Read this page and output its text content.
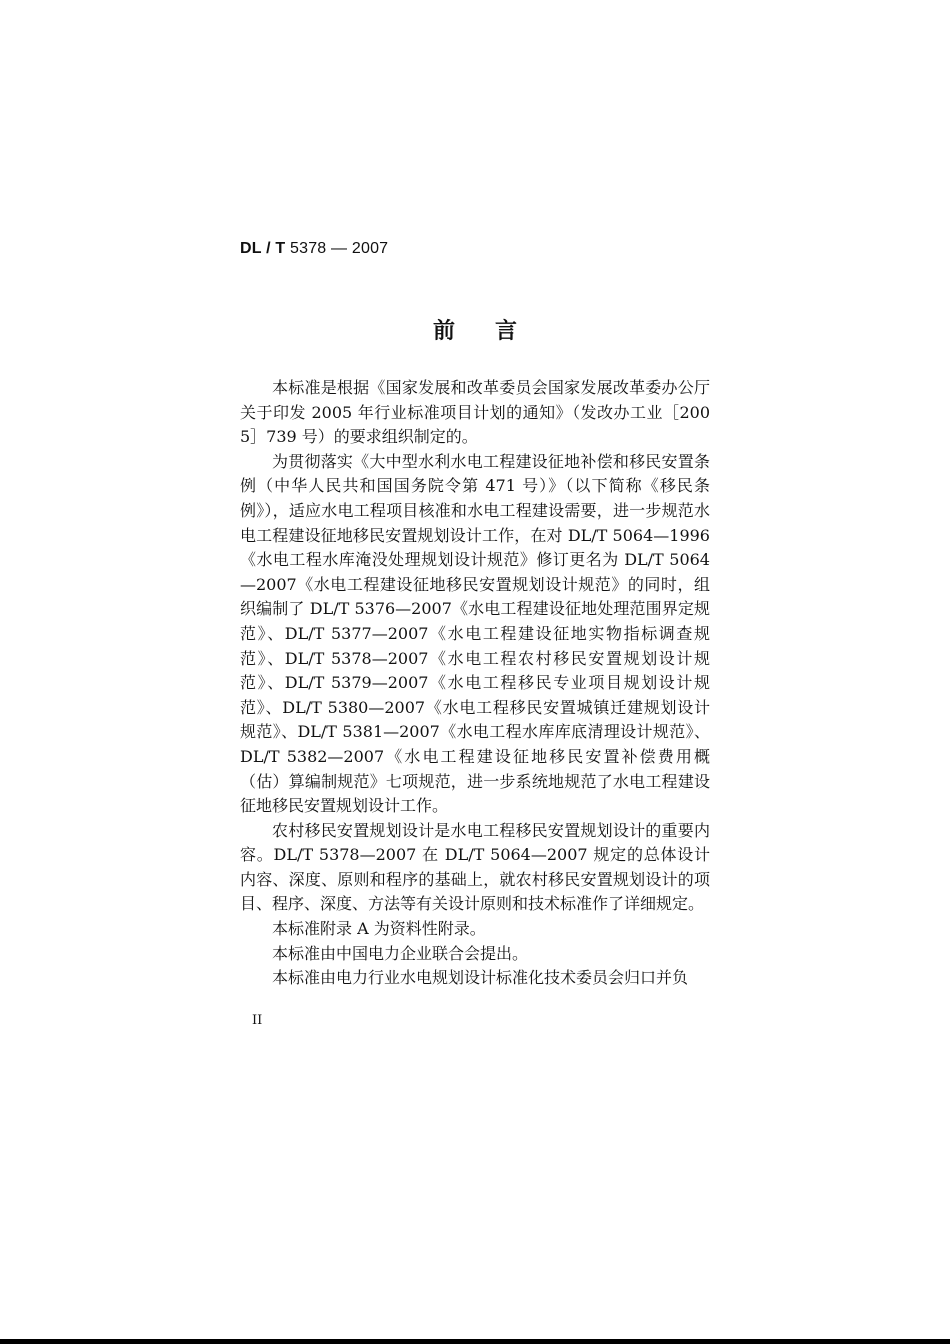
DL / T 5378 — 2007
前言

本标准是根据《国家发展和改革委员会国家发展改革委办公厅关于印发 2005 年行业标准项目计划的通知》（发改办工业［2005］739 号）的要求组织制定的。

为贯彻落实《大中型水利水电工程建设征地补偿和移民安置条例（中华人民共和国国务院令第 471 号）》（以下简称《移民条例》），适应水电工程项目核准和水电工程建设需要，进一步规范水电工程建设征地移民安置规划设计工作，在对 DL/T 5064—1996《水电工程水库淹没处理规划设计规范》修订更名为 DL/T 5064—2007《水电工程建设征地移民安置规划设计规范》的同时，组织编制了 DL/T 5376—2007《水电工程建设征地处理范围界定规范》、DL/T 5377—2007《水电工程建设征地实物指标调查规范》、DL/T 5378—2007《水电工程农村移民安置规划设计规范》、DL/T 5379—2007《水电工程移民专业项目规划设计规范》、DL/T 5380—2007《水电工程移民安置城镇迁建规划设计规范》、DL/T 5381—2007《水电工程水库库底清理设计规范》、DL/T 5382—2007《水电工程建设征地移民安置补偿费用概（估）算编制规范》七项规范，进一步系统地规范了水电工程建设征地移民安置规划设计工作。

农村移民安置规划设计是水电工程移民安置规划设计的重要内容。DL/T 5378—2007 在 DL/T 5064—2007 规定的总体设计内容、深度、原则和程序的基础上，就农村移民安置规划设计的项目、程序、深度、方法等有关设计原则和技术标准作了详细规定。

本标准附录 A 为资料性附录。

本标准由中国电力企业联合会提出。

本标准由电力行业水电规划设计标准化技术委员会归口并负

II
